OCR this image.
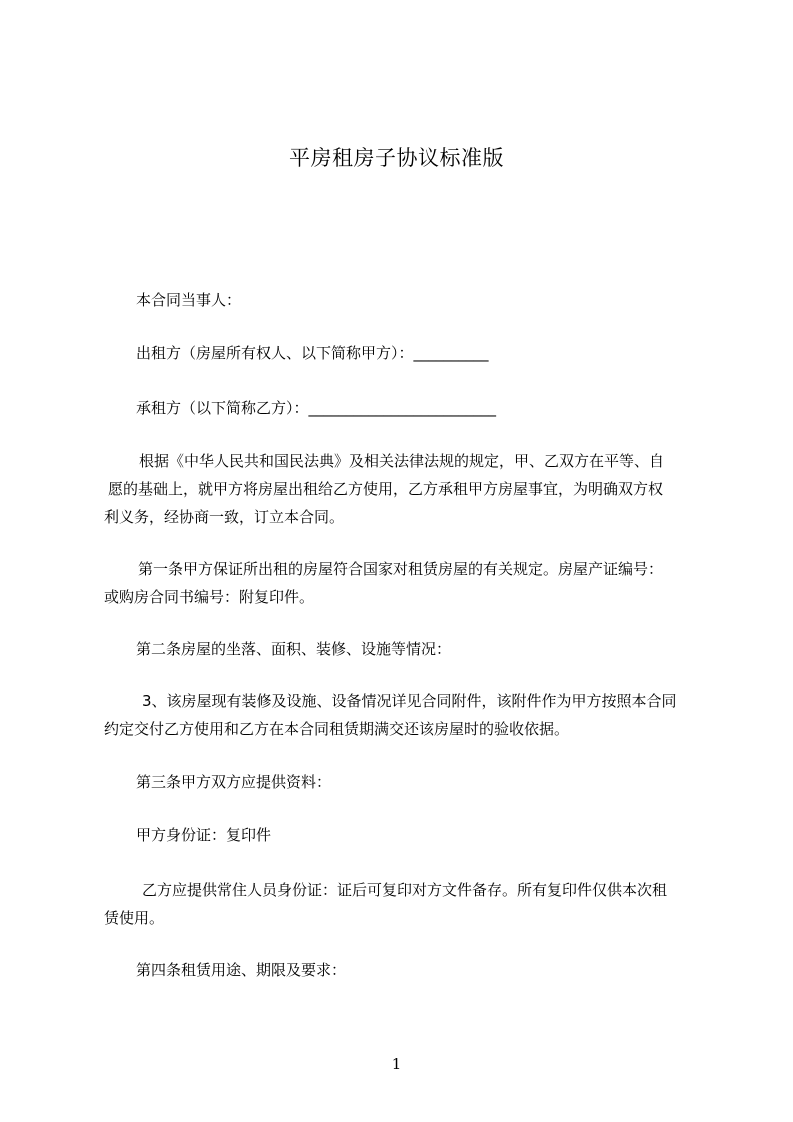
平房租房子协议标准版
本合同当事人：
出租方（房屋所有权人、以下简称甲方）：__________
承租方（以下简称乙方）：_________________________
根据《中华人民共和国民法典》及相关法律法规的规定，甲、乙双方在平等、自
愿的基础上，就甲方将房屋出租给乙方使用，乙方承租甲方房屋事宜，为明确双方权
利义务，经协商一致，订立本合同。
第一条甲方保证所出租的房屋符合国家对租赁房屋的有关规定。房屋产证编号：
或购房合同书编号：附复印件。
第二条房屋的坐落、面积、装修、设施等情况：
3、该房屋现有装修及设施、设备情况详见合同附件，该附件作为甲方按照本合同
约定交付乙方使用和乙方在本合同租赁期满交还该房屋时的验收依据。
第三条甲方双方应提供资料：
甲方身份证：复印件
乙方应提供常住人员身份证：证后可复印对方文件备存。所有复印件仅供本次租
赁使用。
第四条租赁用途、期限及要求：
1
